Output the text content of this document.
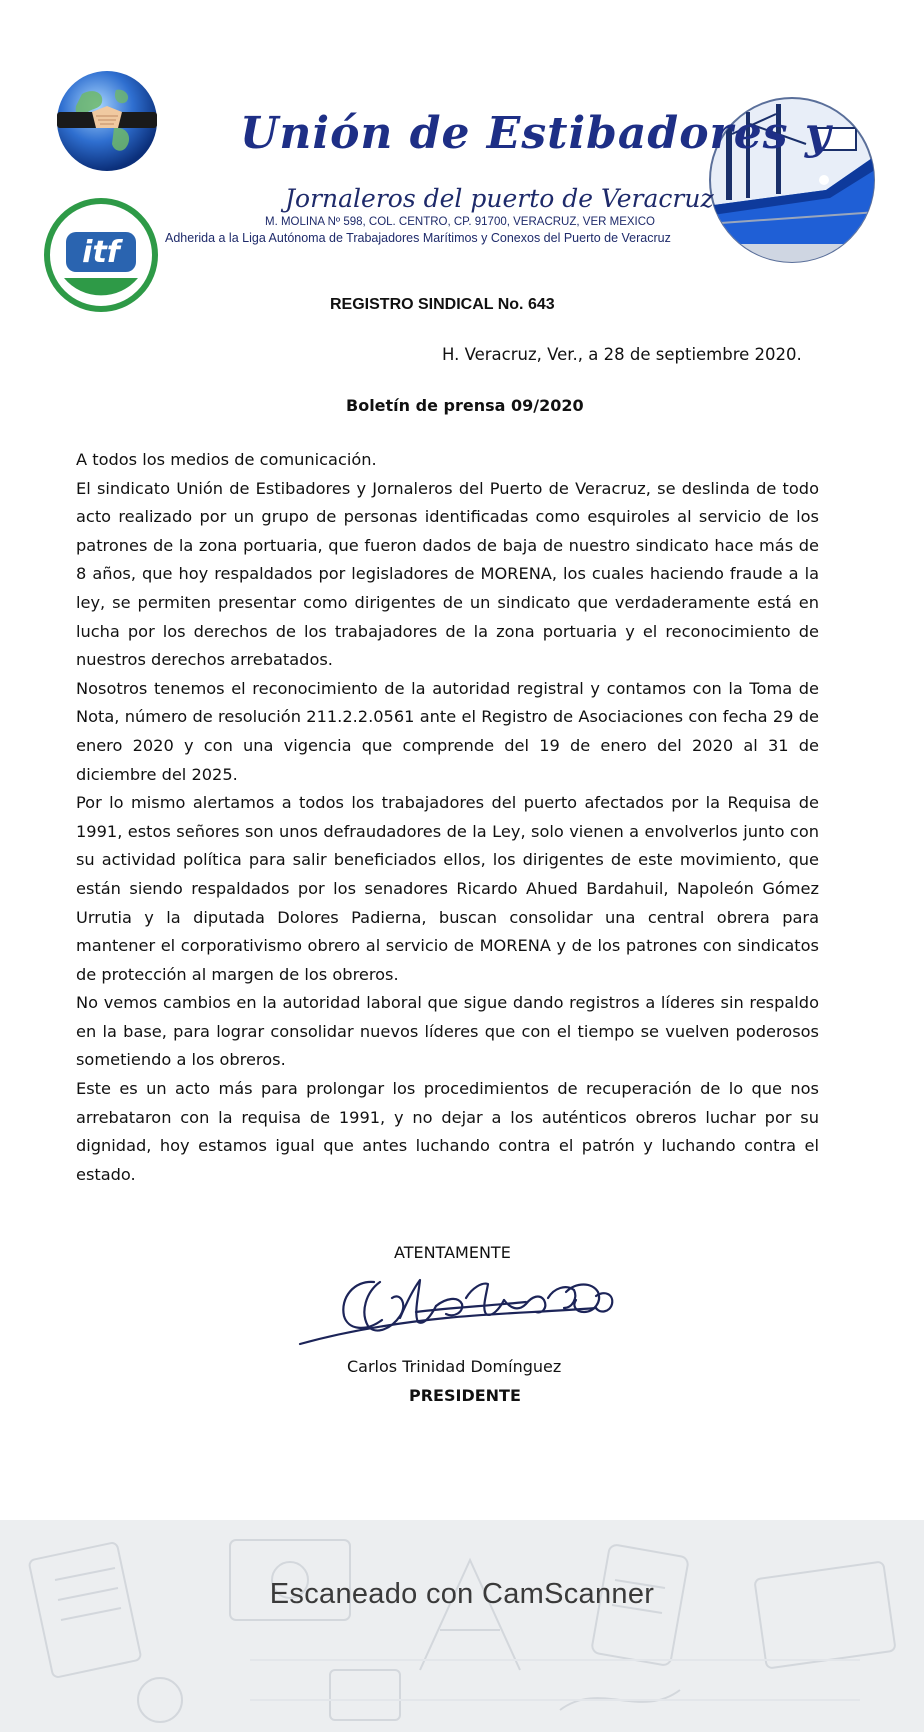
itf
Unión de Estibadores y
Jornaleros del puerto de Veracruz
M. MOLINA Nº 598, COL. CENTRO, CP. 91700, VERACRUZ, VER MEXICO
Adherida a la Liga Autónoma de Trabajadores Marítimos y Conexos del Puerto de Veracruz
REGISTRO SINDICAL No. 643
H. Veracruz, Ver., a 28 de septiembre 2020.
Boletín de prensa 09/2020

A todos los medios de comunicación.

El sindicato Unión de Estibadores y Jornaleros del Puerto de Veracruz, se deslinda de todo acto realizado por un grupo de personas identificadas como esquiroles al servicio de los patrones de la zona portuaria, que fueron dados de baja de nuestro sindicato hace más de 8 años, que hoy respaldados por legisladores de MORENA, los cuales haciendo fraude a la ley, se permiten presentar como dirigentes de un sindicato que verdaderamente está en lucha por los derechos de los trabajadores de la zona portuaria y el reconocimiento de nuestros derechos arrebatados.

Nosotros tenemos el reconocimiento de la autoridad registral y contamos con la Toma de Nota, número de resolución 211.2.2.0561 ante el Registro de Asociaciones con fecha 29 de enero 2020 y con una vigencia que comprende del 19 de enero del 2020 al 31 de diciembre del 2025.

Por lo mismo alertamos a todos los trabajadores del puerto afectados por la Requisa de 1991, estos señores son unos defraudadores de la Ley, solo vienen a envolverlos junto con su actividad política para salir beneficiados ellos, los dirigentes de este movimiento, que están siendo respaldados por los senadores Ricardo Ahued Bardahuil, Napoleón Gómez Urrutia y la diputada Dolores Padierna, buscan consolidar una central obrera para mantener el corporativismo obrero al servicio de MORENA y de los patrones con sindicatos de protección al margen de los obreros.

No vemos cambios en la autoridad laboral que sigue dando registros a líderes sin respaldo en la base, para lograr consolidar nuevos líderes que con el tiempo se vuelven poderosos sometiendo a los obreros.

Este es un acto más para prolongar los procedimientos de recuperación de lo que nos arrebataron con la requisa de 1991, y no dejar a los auténticos obreros luchar por su dignidad, hoy estamos igual que antes luchando contra el patrón y luchando contra el estado.

ATENTAMENTE
Carlos Trinidad Domínguez
PRESIDENTE
Escaneado con CamScanner
